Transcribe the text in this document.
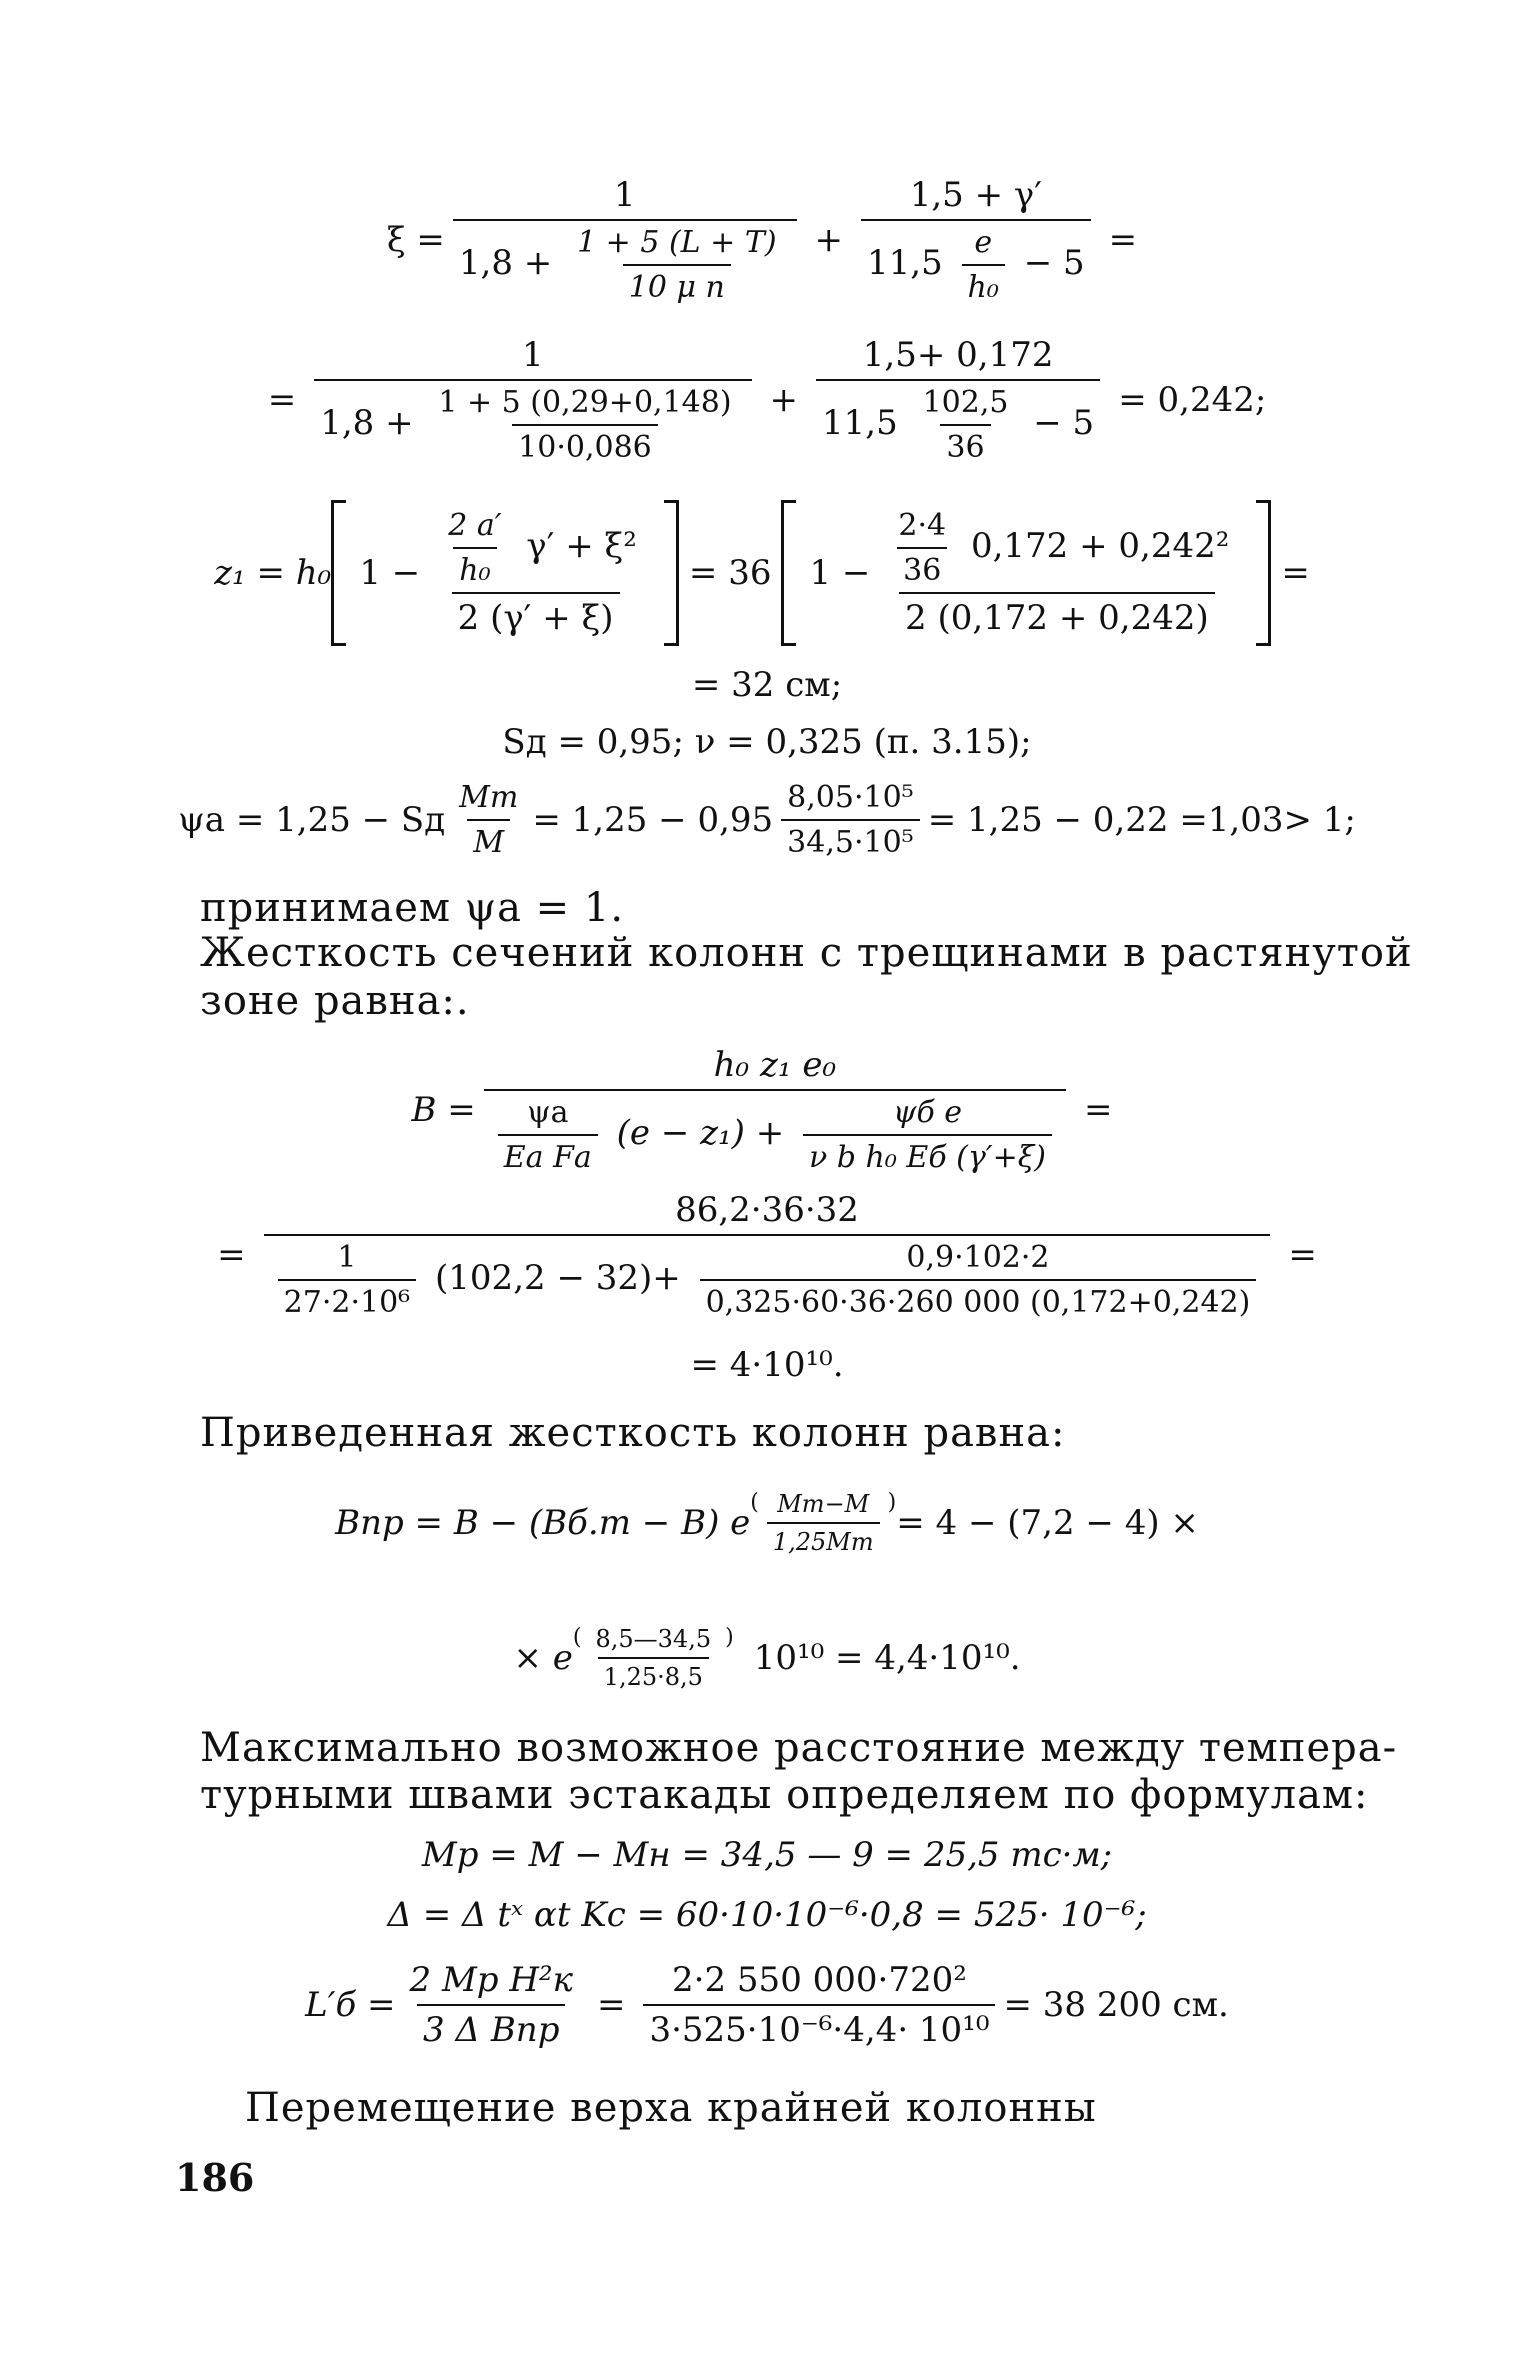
$\xi = \frac{1}{1,8 + \frac{1 + 5 (L + T)}{\text{10 μ n}}} + \frac{1,5 + \gamma'}{11,5 \frac{e}{\text{h₀}} - 5}$ =
=
1
$1,8 + \frac{1 + 5 (0,29+0,148)}{10\cdot 0,086}$ +
1,5+ 0,172
$11,5 \frac{102,5}{36} - 5$
= 0,242;
z₁ = h₀ $1 - \frac{\frac{2 a'}{\text{h₀}} \gamma' + \xi^2}{2 (\gamma' + \xi)} = 36$ $1 - \frac{\frac{2\cdot 4}{36} 0,172 + 0,242^2}{2 (0,172 + 0,242)}$ =
= 32 см;
Sд = 0,95; ν = 0,325 (п. 3.15);
ψа = 1,25 − Sд $\frac{Mт}{M} = 1,25 - 0,95 \frac{\text{8,05·10⁵}}{\text{34,5·10⁵}} = 1,25 - 0,22 =1,03> 1$;
принимаем ψа = 1.
Жесткость сечений колонн с трещинами в растянутой
зоне равна:.
B =
h₀ z₁ e₀
$\frac{\psi а}{\text{Eа Fа}} (e - z_1) + \frac{\text{ψб e}}{\text{ν b h₀ Eб (γ′+ξ)}}$ =
=
86,2·36·32
$\frac{1}{\text{27·2·10⁶}} (102,2 - 32)+ \frac{0,9\cdot 102\cdot 2}{0,325\cdot 60\cdot 36\cdot 260 000 (0,172+0,242)}$ =
= 4·10¹⁰.
Приведенная жесткость колонн равна:
Bпр = B − (Bб.т − B) e
( $\frac{Mт-M}{1,25Mт}$ )
= 4 − (7,2 − 4) ×
× e
( $\frac{8,5—34,5}{1,25\cdot 8,5}$ )
10¹⁰ = 4,4·10¹⁰.
Максимально возможное расстояние между темпера-
турными швами эстакады определяем по формулам:
Mр = M − Mн = 34,5 — 9 = 25,5 тс·м;
Δ = Δ tˣ αt Kс = 60·10·10⁻⁶·0,8 = 525· 10⁻⁶;
$L'б = \frac{\text{2 Mр H²к}}{\text{3 Δ Bпр}} = \frac{\text{2·2 550 000·720²}}{\text{3·525·10⁻⁶·4,4· 10¹⁰}} = 38$ 200 см.
Перемещение верха крайней колонны
186
